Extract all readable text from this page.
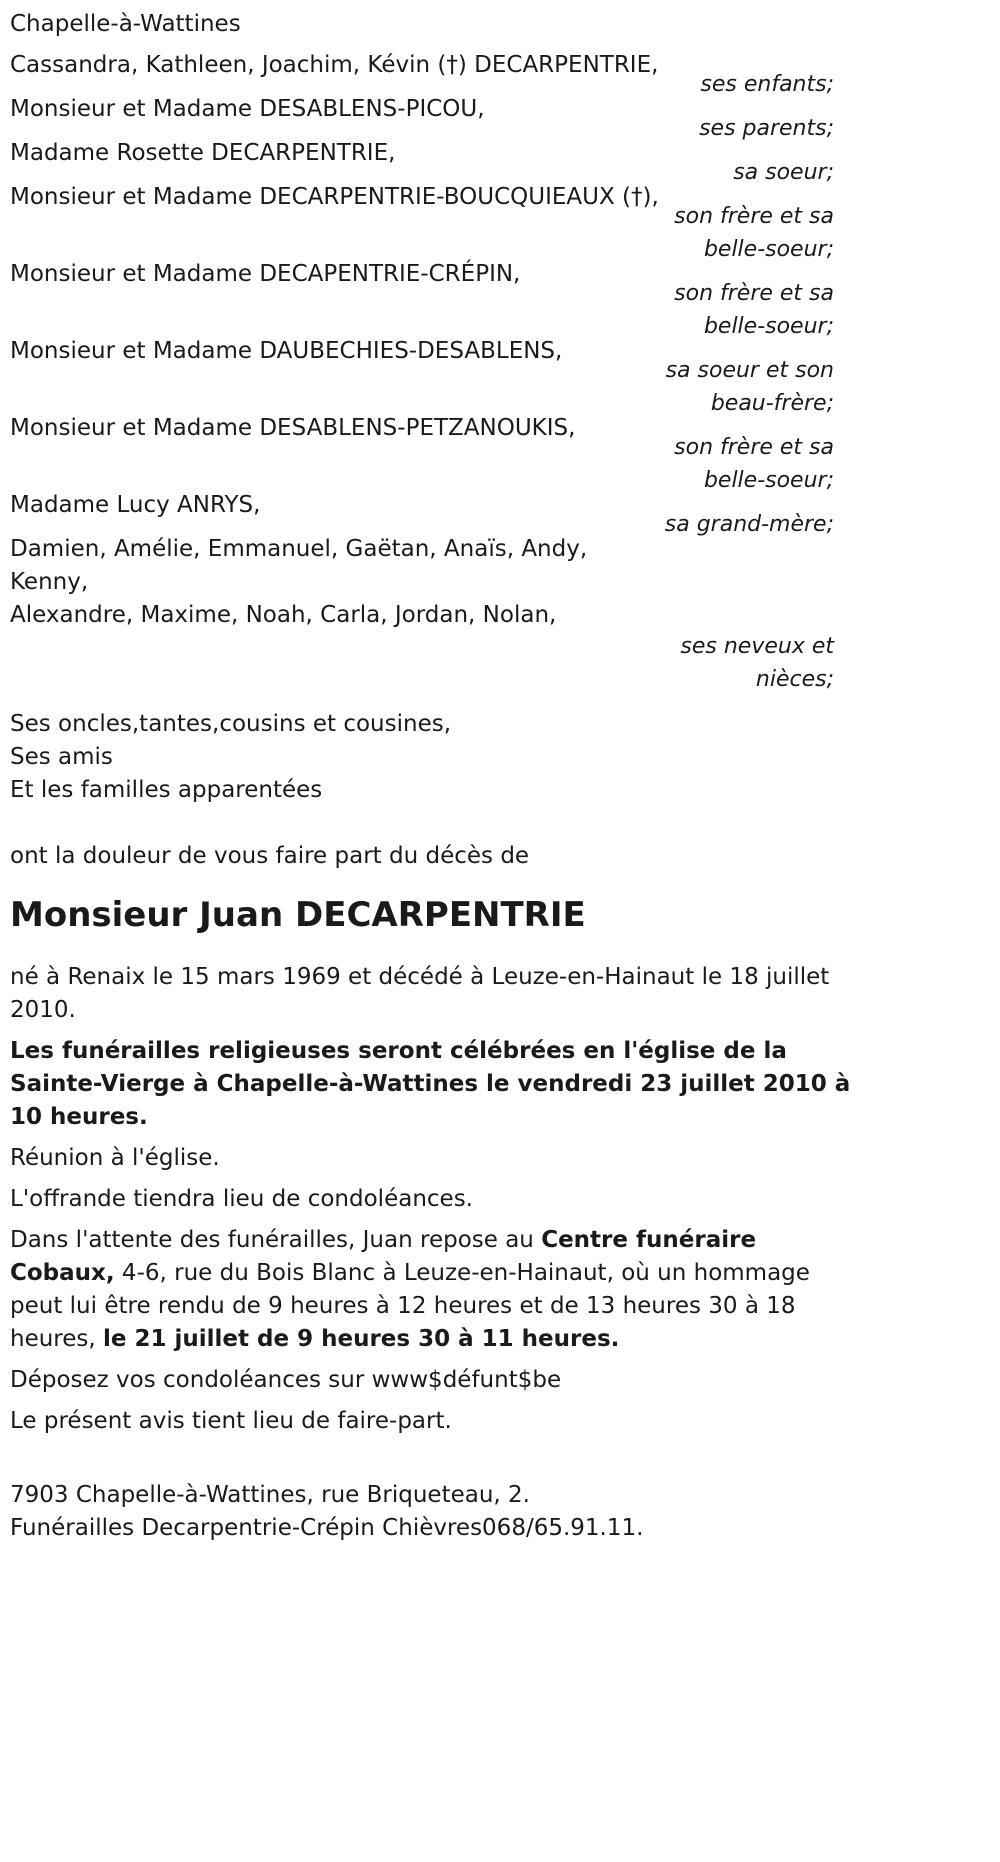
Chapelle-à-Wattines

Cassandra, Kathleen, Joachim, Kévin (†) DECARPENTRIE,
ses enfants;
Monsieur et Madame DESABLENS-PICOU,
ses parents;
Madame Rosette DECARPENTRIE,
sa soeur;
Monsieur et Madame DECARPENTRIE-BOUCQUIEAUX (†),
son frère et sa
belle-soeur;
Monsieur et Madame DECAPENTRIE-CRÉPIN,
son frère et sa
belle-soeur;
Monsieur et Madame DAUBECHIES-DESABLENS,
sa soeur et son
beau-frère;
Monsieur et Madame DESABLENS-PETZANOUKIS,
son frère et sa
belle-soeur;
Madame Lucy ANRYS,
sa grand-mère;
Damien, Amélie, Emmanuel, Gaëtan, Anaïs, Andy, Kenny,
Alexandre, Maxime, Noah, Carla, Jordan, Nolan,
ses neveux et
nièces;

Ses oncles,tantes,cousins et cousines,

Ses amis

Et les familles apparentées

ont la douleur de vous faire part du décès de

Monsieur Juan DECARPENTRIE

né à Renaix le 15 mars 1969 et décédé à Leuze-en-Hainaut le 18 juillet 2010.

Les funérailles religieuses seront célébrées en l'église de la Sainte-Vierge à Chapelle-à-Wattines le vendredi 23 juillet 2010 à 10 heures.

Réunion à l'église.

L'offrande tiendra lieu de condoléances.

Dans l'attente des funérailles, Juan repose au Centre funéraire Cobaux, 4-6, rue du Bois Blanc à Leuze-en-Hainaut, où un hommage peut lui être rendu de 9 heures à 12 heures et de 13 heures 30 à 18 heures, le 21 juillet de 9 heures 30 à 11 heures.

Déposez vos condoléances sur www$défunt$be

Le présent avis tient lieu de faire-part.

7903 Chapelle-à-Wattines, rue Briqueteau, 2.

Funérailles Decarpentrie-Crépin Chièvres068/65.91.11.
